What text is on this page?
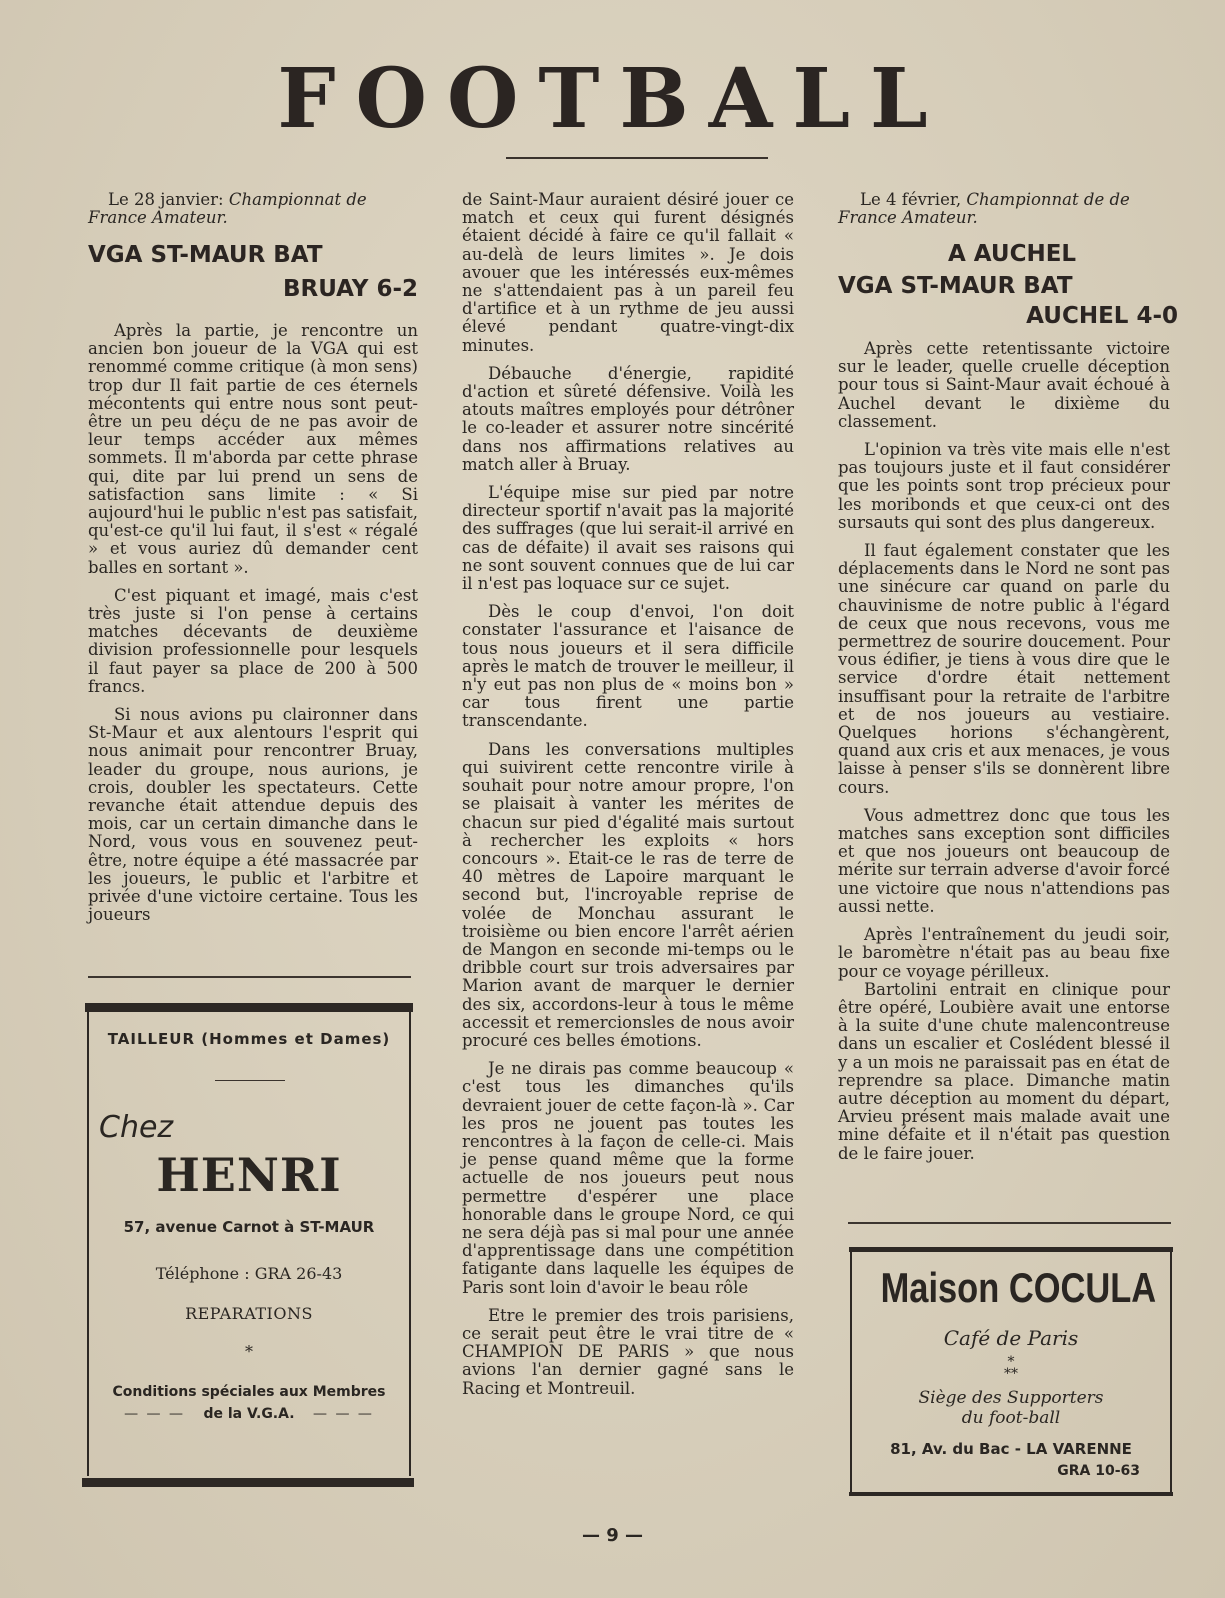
FOOTBALL
Le 28 janvier: Championnat de France Amateur.
VGA ST-MAUR BAT
BRUAY 6-2

Après la partie, je rencontre un ancien bon joueur de la VGA qui est renommé comme critique (à mon sens) trop dur Il fait partie de ces éternels mécontents qui entre nous sont peut-être un peu déçu de ne pas avoir de leur temps accéder aux mêmes sommets. Il m'aborda par cette phrase qui, dite par lui prend un sens de satisfaction sans limite : « Si aujourd'hui le public n'est pas satisfait, qu'est-ce qu'il lui faut, il s'est « régalé » et vous auriez dû demander cent balles en sortant ».

C'est piquant et imagé, mais c'est très juste si l'on pense à certains matches décevants de deuxième division professionnelle pour lesquels il faut payer sa place de 200 à 500 francs.

Si nous avions pu claironner dans St-Maur et aux alentours l'esprit qui nous animait pour rencontrer Bruay, leader du groupe, nous aurions, je crois, doubler les spectateurs. Cette revanche était attendue depuis des mois, car un certain dimanche dans le Nord, vous vous en souvenez peut-être, notre équipe a été massacrée par les joueurs, le public et l'arbitre et privée d'une victoire certaine. Tous les joueurs

TAILLEUR (Hommes et Dames)
Chez
HENRI
57, avenue Carnot à ST-MAUR
Téléphone : GRA 26-43
REPARATIONS
*
Conditions spéciales aux Membres
— — — de la V.G.A. — — —

de Saint-Maur auraient désiré jouer ce match et ceux qui furent désignés étaient décidé à faire ce qu'il fallait « au-delà de leurs limites ». Je dois avouer que les intéressés eux-mêmes ne s'attendaient pas à un pareil feu d'artifice et à un rythme de jeu aussi élevé pendant quatre-vingt-dix minutes.

Débauche d'énergie, rapidité d'action et sûreté défensive. Voilà les atouts maîtres employés pour détrôner le co-leader et assurer notre sincérité dans nos affirmations relatives au match aller à Bruay.

L'équipe mise sur pied par notre directeur sportif n'avait pas la majorité des suffrages (que lui serait-il arrivé en cas de défaite) il avait ses raisons qui ne sont souvent connues que de lui car il n'est pas loquace sur ce sujet.

Dès le coup d'envoi, l'on doit constater l'assurance et l'aisance de tous nous joueurs et il sera difficile après le match de trouver le meilleur, il n'y eut pas non plus de « moins bon » car tous firent une partie transcendante.

Dans les conversations multiples qui suivirent cette rencontre virile à souhait pour notre amour propre, l'on se plaisait à vanter les mérites de chacun sur pied d'égalité mais surtout à rechercher les exploits « hors concours ». Etait-ce le ras de terre de 40 mètres de Lapoire marquant le second but, l'incroyable reprise de volée de Monchau assurant le troisième ou bien encore l'arrêt aérien de Mangon en seconde mi-temps ou le dribble court sur trois adversaires par Marion avant de marquer le dernier des six, accordons-leur à tous le même accessit et remercionsles de nous avoir procuré ces belles émotions.

Je ne dirais pas comme beaucoup « c'est tous les dimanches qu'ils devraient jouer de cette façon-là ». Car les pros ne jouent pas toutes les rencontres à la façon de celle-ci. Mais je pense quand même que la forme actuelle de nos joueurs peut nous permettre d'espérer une place honorable dans le groupe Nord, ce qui ne sera déjà pas si mal pour une année d'apprentissage dans une compétition fatigante dans laquelle les équipes de Paris sont loin d'avoir le beau rôle

Etre le premier des trois parisiens, ce serait peut être le vrai titre de « CHAMPION DE PARIS » que nous avions l'an dernier gagné sans le Racing et Montreuil.

Le 4 février, Championnat de de France Amateur.
A AUCHEL
VGA ST-MAUR BAT
AUCHEL 4-0

Après cette retentissante victoire sur le leader, quelle cruelle déception pour tous si Saint-Maur avait échoué à Auchel devant le dixième du classement.

L'opinion va très vite mais elle n'est pas toujours juste et il faut considérer que les points sont trop précieux pour les moribonds et que ceux-ci ont des sursauts qui sont des plus dangereux.

Il faut également constater que les déplacements dans le Nord ne sont pas une sinécure car quand on parle du chauvinisme de notre public à l'égard de ceux que nous recevons, vous me permettrez de sourire doucement. Pour vous édifier, je tiens à vous dire que le service d'ordre était nettement insuffisant pour la retraite de l'arbitre et de nos joueurs au vestiaire. Quelques horions s'échangèrent, quand aux cris et aux menaces, je vous laisse à penser s'ils se donnèrent libre cours.

Vous admettrez donc que tous les matches sans exception sont difficiles et que nos joueurs ont beaucoup de mérite sur terrain adverse d'avoir forcé une victoire que nous n'attendions pas aussi nette.

Après l'entraînement du jeudi soir, le baromètre n'était pas au beau fixe pour ce voyage périlleux.

Bartolini entrait en clinique pour être opéré, Loubière avait une entorse à la suite d'une chute malencontreuse dans un escalier et Coslédent blessé il y a un mois ne paraissait pas en état de reprendre sa place. Dimanche matin autre déception au moment du départ, Arvieu présent mais malade avait une mine défaite et il n'était pas question de le faire jouer.

Maison COCULA
Café de Paris
*
**
Siège des Supporters
du foot-ball
81, Av. du Bac - LA VARENNE
GRA 10-63
— 9 —
